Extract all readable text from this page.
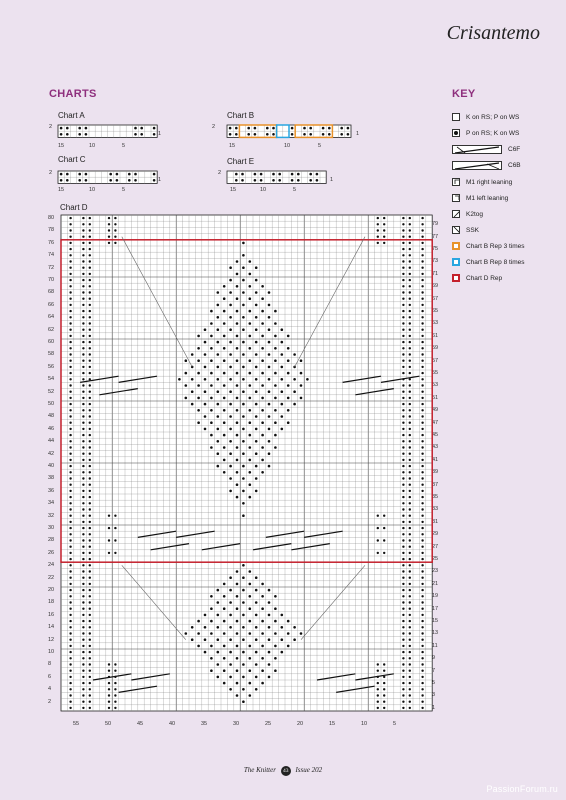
Crisantemo
CHARTS	KEY
Chart A	Chart B
Chart C	Chart E
Chart D
2
1
15	10	5
2
1
15	10	5
2
1
15	10	5
2
1
15	10	5
80
78
76
74
72
70
68
66
64
62
60
58
56
54
52
50
48
46
44
42
40
38
36
34
32
30
28
26
24
22
20
18
16
14
12
10
8
6
4
2
79
77
75
73
71
69
67
65
63
61
59
57
55
53
51
49
47
45
43
41
39
37
35
33
31
29
27
25
23
21
19
17
15
13
11
9
7
5
3
1
55	50	45	40	35	30	25	20	15	10	5
K on RS; P on WS
P on RS; K on WS
C6F
C6B
M1 right leaning
M1 left leaning
K2tog
SSK
Chart B Rep 3 times
Chart B Rep 8 times
Chart D Rep
The Knitter 43 Issue 202
PassionForum.ru
